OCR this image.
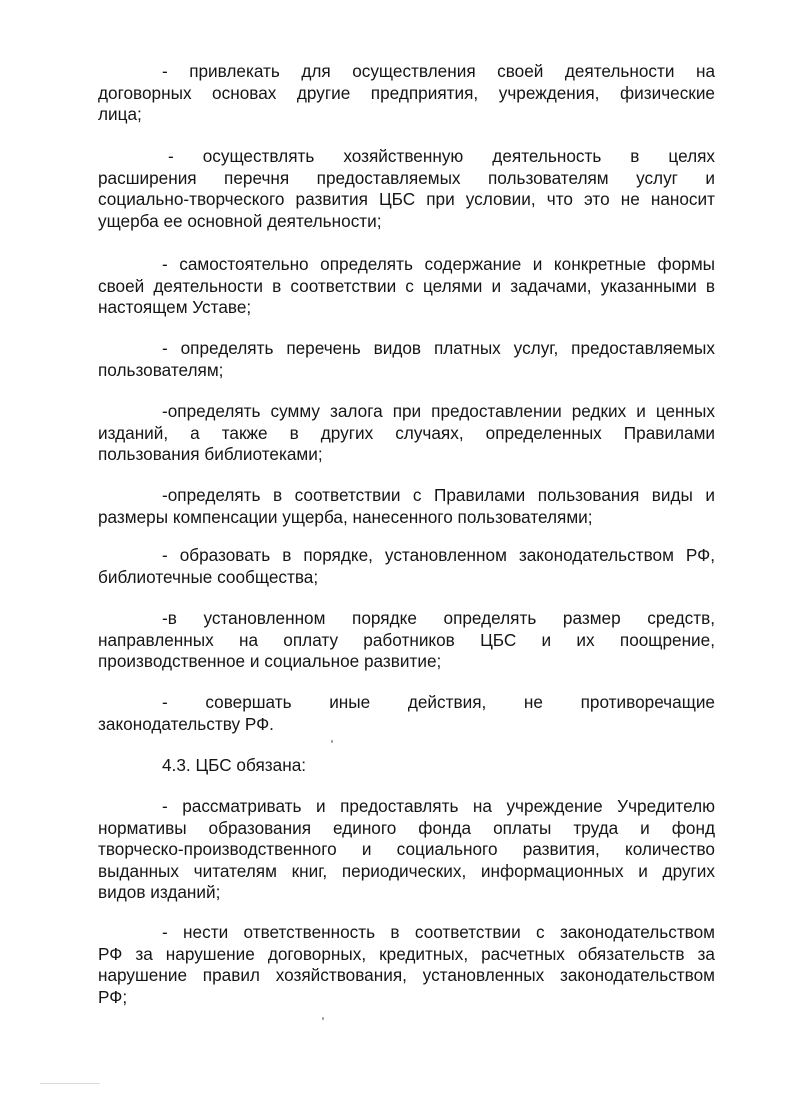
- привлекать для осуществления своей деятельности на
договорных основах другие предприятия, учреждения, физические
лица;
- осуществлять хозяйственную деятельность в целях
расширения перечня предоставляемых пользователям услуг и
социально-творческого развития ЦБС при условии, что это не наносит
ущерба ее основной деятельности;
- самостоятельно определять содержание и конкретные формы
своей деятельности в соответствии с целями и задачами, указанными в
настоящем Уставе;
- определять перечень видов платных услуг, предоставляемых
пользователям;
-определять сумму залога при предоставлении редких и ценных
изданий, а также в других случаях, определенных Правилами
пользования библиотеками;
-определять в соответствии с Правилами пользования виды и
размеры компенсации ущерба, нанесенного пользователями;
- образовать в порядке, установленном законодательством РФ,
библиотечные сообщества;
-в установленном порядке определять размер средств,
направленных на оплату работников ЦБС и их поощрение,
производственное и социальное развитие;
- совершать иные действия, не противоречащие
законодательству РФ.
4.3. ЦБС обязана:
- рассматривать и предоставлять на учреждение Учредителю
нормативы образования единого фонда оплаты труда и фонд
творческо-производственного и социального развития, количество
выданных читателям книг, периодических, информационных и других
видов изданий;
- нести ответственность в соответствии с законодательством
РФ за нарушение договорных, кредитных, расчетных обязательств за
нарушение правил хозяйствования, установленных законодательством
РФ;
